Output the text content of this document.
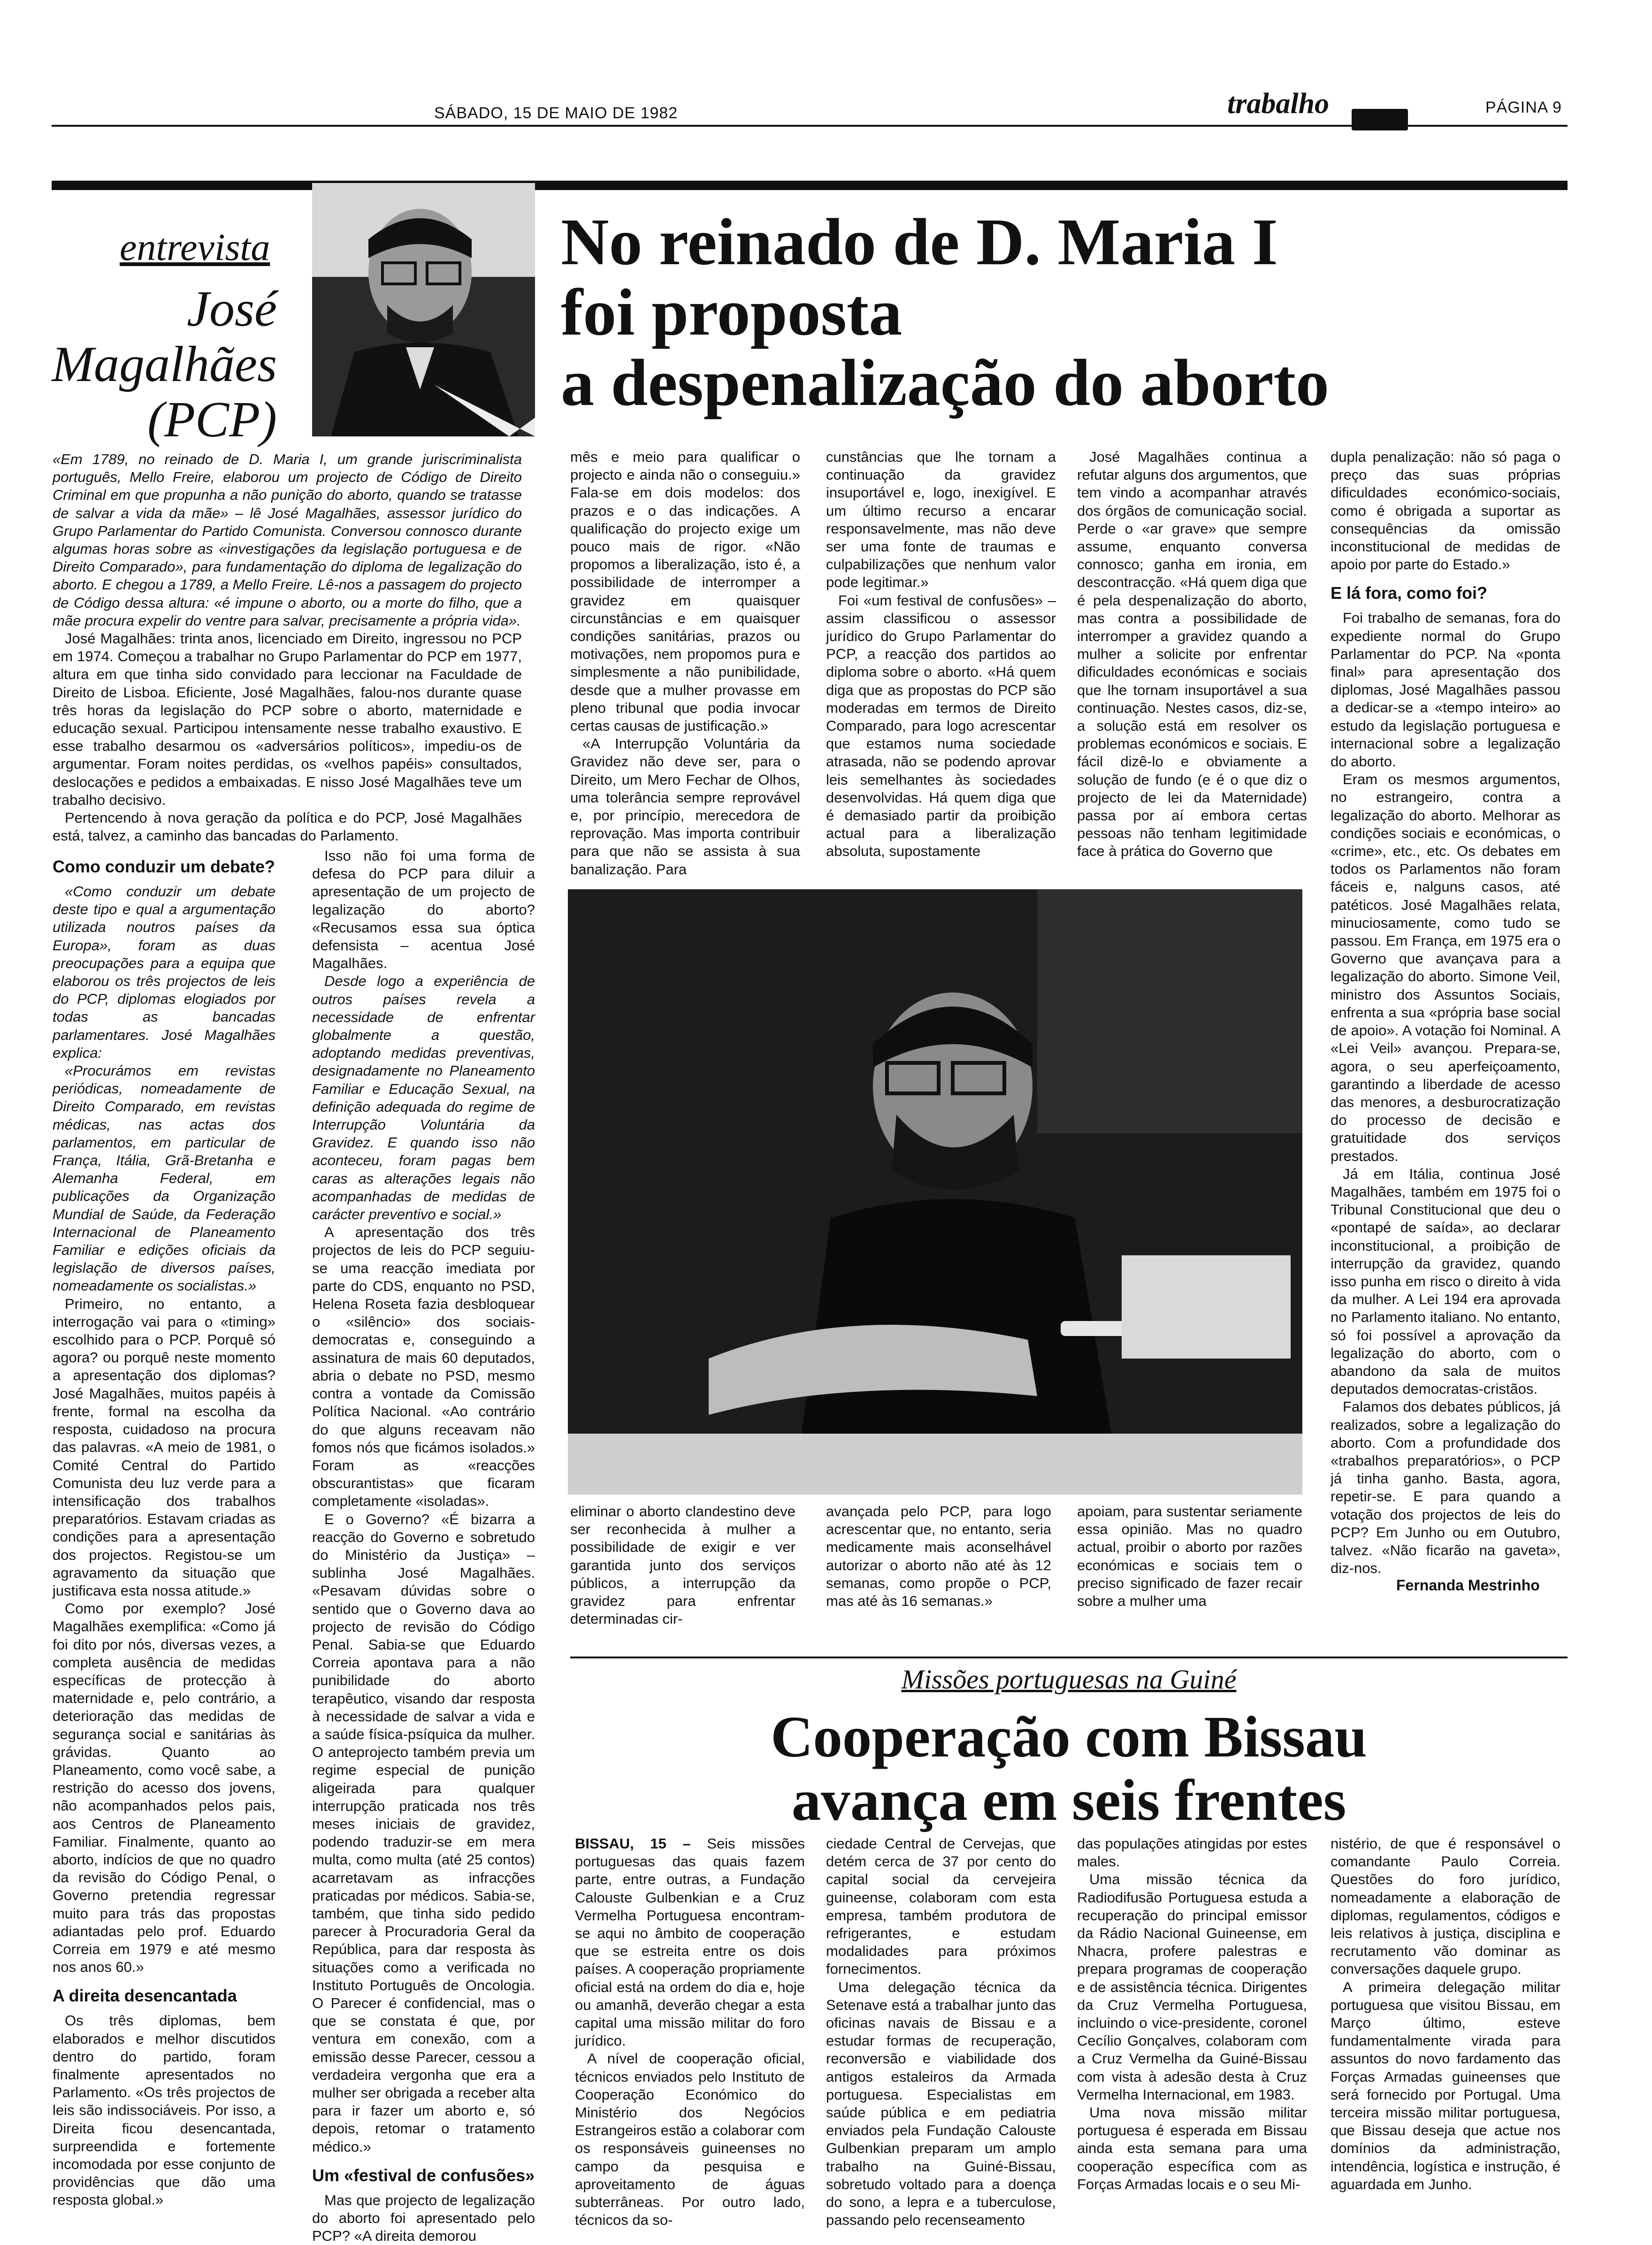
SÁBADO, 15 DE MAIO DE 1982	trabalho	PÁGINA 9
entrevista
José
Magalhães
(PCP)
No reinado de D. Maria I
foi proposta
a despenalização do aborto

«Em 1789, no reinado de D. Maria I, um grande juriscriminalista português, Mello Freire, elaborou um projecto de Código de Direito Criminal em que propunha a não punição do aborto, quando se tratasse de salvar a vida da mãe» – lê José Magalhães, assessor jurídico do Grupo Parlamentar do Partido Comunista. Conversou connosco durante algumas horas sobre as «investigações da legislação portuguesa e de Direito Comparado», para fundamentação do diploma de legalização do aborto. E chegou a 1789, a Mello Freire. Lê-nos a passagem do projecto de Código dessa altura: «é impune o aborto, ou a morte do filho, que a mãe procura expelir do ventre para salvar, precisamente a própria vida».

José Magalhães: trinta anos, licenciado em Direito, ingressou no PCP em 1974. Começou a trabalhar no Grupo Parlamentar do PCP em 1977, altura em que tinha sido convidado para leccionar na Faculdade de Direito de Lisboa. Eficiente, José Magalhães, falou-nos durante quase três horas da legislação do PCP sobre o aborto, maternidade e educação sexual. Participou intensamente nesse trabalho exaustivo. E esse trabalho desarmou os «adversários políticos», impediu-os de argumentar. Foram noites perdidas, os «velhos papéis» consultados, deslocações e pedidos a embaixadas. E nisso José Magalhães teve um trabalho decisivo.

Pertencendo à nova geração da política e do PCP, José Magalhães está, talvez, a caminho das bancadas do Parlamento.

Como conduzir um debate?

«Como conduzir um debate deste tipo e qual a argumentação utilizada noutros países da Europa», foram as duas preocupações para a equipa que elaborou os três projectos de leis do PCP, diplomas elogiados por todas as bancadas parlamentares. José Magalhães explica:

«Procurámos em revistas periódicas, nomeadamente de Direito Comparado, em revistas médicas, nas actas dos parlamentos, em particular de França, Itália, Grã-Bretanha e Alemanha Federal, em publicações da Organização Mundial de Saúde, da Federação Internacional de Planeamento Familiar e edições oficiais da legislação de diversos países, nomeadamente os socialistas.»

Primeiro, no entanto, a interrogação vai para o «timing» escolhido para o PCP. Porquê só agora? ou porquê neste momento a apresentação dos diplomas? José Magalhães, muitos papéis à frente, formal na escolha da resposta, cuidadoso na procura das palavras. «A meio de 1981, o Comité Central do Partido Comunista deu luz verde para a intensificação dos trabalhos preparatórios. Estavam criadas as condições para a apresentação dos projectos. Registou-se um agravamento da situação que justificava esta nossa atitude.»

Como por exemplo? José Magalhães exemplifica: «Como já foi dito por nós, diversas vezes, a completa ausência de medidas específicas de protecção à maternidade e, pelo contrário, a deterioração das medidas de segurança social e sanitárias às grávidas. Quanto ao Planeamento, como você sabe, a restrição do acesso dos jovens, não acompanhados pelos pais, aos Centros de Planeamento Familiar. Finalmente, quanto ao aborto, indícios de que no quadro da revisão do Código Penal, o Governo pretendia regressar muito para trás das propostas adiantadas pelo prof. Eduardo Correia em 1979 e até mesmo nos anos 60.»

A direita desencantada

Os três diplomas, bem elaborados e melhor discutidos dentro do partido, foram finalmente apresentados no Parlamento. «Os três projectos de leis são indissociáveis. Por isso, a Direita ficou desencantada, surpreendida e fortemente incomodada por esse conjunto de providências que dão uma resposta global.»

Isso não foi uma forma de defesa do PCP para diluir a apresentação de um projecto de legalização do aborto? «Recusamos essa sua óptica defensista – acentua José Magalhães.

Desde logo a experiência de outros países revela a necessidade de enfrentar globalmente a questão, adoptando medidas preventivas, designadamente no Planeamento Familiar e Educação Sexual, na definição adequada do regime de Interrupção Voluntária da Gravidez. E quando isso não aconteceu, foram pagas bem caras as alterações legais não acompanhadas de medidas de carácter preventivo e social.»

A apresentação dos três projectos de leis do PCP seguiu-se uma reacção imediata por parte do CDS, enquanto no PSD, Helena Roseta fazia desbloquear o «silêncio» dos sociais-democratas e, conseguindo a assinatura de mais 60 deputados, abria o debate no PSD, mesmo contra a vontade da Comissão Política Nacional. «Ao contrário do que alguns receavam não fomos nós que ficámos isolados.» Foram as «reacções obscurantistas» que ficaram completamente «isoladas».

E o Governo? «É bizarra a reacção do Governo e sobretudo do Ministério da Justiça» – sublinha José Magalhães. «Pesavam dúvidas sobre o sentido que o Governo dava ao projecto de revisão do Código Penal. Sabia-se que Eduardo Correia apontava para a não punibilidade do aborto terapêutico, visando dar resposta à necessidade de salvar a vida e a saúde física-psíquica da mulher. O anteprojecto também previa um regime especial de punição aligeirada para qualquer interrupção praticada nos três meses iniciais de gravidez, podendo traduzir-se em mera multa, como multa (até 25 contos) acarretavam as infracções praticadas por médicos. Sabia-se, também, que tinha sido pedido parecer à Procuradoria Geral da República, para dar resposta às situações como a verificada no Instituto Português de Oncologia. O Parecer é confidencial, mas o que se constata é que, por ventura em conexão, com a emissão desse Parecer, cessou a verdadeira vergonha que era a mulher ser obrigada a receber alta para ir fazer um aborto e, só depois, retomar o tratamento médico.»

Um «festival de confusões»

Mas que projecto de legalização do aborto foi apresentado pelo PCP? «A direita demorou

mês e meio para qualificar o projecto e ainda não o conseguiu.» Fala-se em dois modelos: dos prazos e o das indicações. A qualificação do projecto exige um pouco mais de rigor. «Não propomos a liberalização, isto é, a possibilidade de interromper a gravidez em quaisquer circunstâncias e em quaisquer condições sanitárias, prazos ou motivações, nem propomos pura e simplesmente a não punibilidade, desde que a mulher provasse em pleno tribunal que podia invocar certas causas de justificação.»

«A Interrupção Voluntária da Gravidez não deve ser, para o Direito, um Mero Fechar de Olhos, uma tolerância sempre reprovável e, por princípio, merecedora de reprovação. Mas importa contribuir para que não se assista à sua banalização. Para

cunstâncias que lhe tornam a continuação da gravidez insuportável e, logo, inexigível. E um último recurso a encarar responsavelmente, mas não deve ser uma fonte de traumas e culpabilizações que nenhum valor pode legitimar.»

Foi «um festival de confusões» – assim classificou o assessor jurídico do Grupo Parlamentar do PCP, a reacção dos partidos ao diploma sobre o aborto. «Há quem diga que as propostas do PCP são moderadas em termos de Direito Comparado, para logo acrescentar que estamos numa sociedade atrasada, não se podendo aprovar leis semelhantes às sociedades desenvolvidas. Há quem diga que é demasiado partir da proibição actual para a liberalização absoluta, supostamente

José Magalhães continua a refutar alguns dos argumentos, que tem vindo a acompanhar através dos órgãos de comunicação social. Perde o «ar grave» que sempre assume, enquanto conversa connosco; ganha em ironia, em descontracção. «Há quem diga que é pela despenalização do aborto, mas contra a possibilidade de interromper a gravidez quando a mulher a solicite por enfrentar dificuldades económicas e sociais que lhe tornam insuportável a sua continuação. Nestes casos, diz-se, a solução está em resolver os problemas económicos e sociais. E fácil dizê-lo e obviamente a solução de fundo (e é o que diz o projecto de lei da Maternidade) passa por aí embora certas pessoas não tenham legitimidade face à prática do Governo que

dupla penalização: não só paga o preço das suas próprias dificuldades económico-sociais, como é obrigada a suportar as consequências da omissão inconstitucional de medidas de apoio por parte do Estado.»

E lá fora, como foi?

Foi trabalho de semanas, fora do expediente normal do Grupo Parlamentar do PCP. Na «ponta final» para apresentação dos diplomas, José Magalhães passou a dedicar-se a «tempo inteiro» ao estudo da legislação portuguesa e internacional sobre a legalização do aborto.

Eram os mesmos argumentos, no estrangeiro, contra a legalização do aborto. Melhorar as condições sociais e económicas, o «crime», etc., etc. Os debates em todos os Parlamentos não foram fáceis e, nalguns casos, até patéticos. José Magalhães relata, minuciosamente, como tudo se passou. Em França, em 1975 era o Governo que avançava para a legalização do aborto. Simone Veil, ministro dos Assuntos Sociais, enfrenta a sua «própria base social de apoio». A votação foi Nominal. A «Lei Veil» avançou. Prepara-se, agora, o seu aperfeiçoamento, garantindo a liberdade de acesso das menores, a desburocratização do processo de decisão e gratuitidade dos serviços prestados.

Já em Itália, continua José Magalhães, também em 1975 foi o Tribunal Constitucional que deu o «pontapé de saída», ao declarar inconstitucional, a proibição de interrupção da gravidez, quando isso punha em risco o direito à vida da mulher. A Lei 194 era aprovada no Parlamento italiano. No entanto, só foi possível a aprovação da legalização do aborto, com o abandono da sala de muitos deputados democratas-cristãos.

Falamos dos debates públicos, já realizados, sobre a legalização do aborto. Com a profundidade dos «trabalhos preparatórios», o PCP já tinha ganho. Basta, agora, repetir-se. E para quando a votação dos projectos de leis do PCP? Em Junho ou em Outubro, talvez. «Não ficarão na gaveta», diz-nos.

Fernanda Mestrinho

eliminar o aborto clandestino deve ser reconhecida à mulher a possibilidade de exigir e ver garantida junto dos serviços públicos, a interrupção da gravidez para enfrentar determinadas cir-

avançada pelo PCP, para logo acrescentar que, no entanto, seria medicamente mais aconselhável autorizar o aborto não até às 12 semanas, como propõe o PCP, mas até às 16 semanas.»

apoiam, para sustentar seriamente essa opinião. Mas no quadro actual, proibir o aborto por razões económicas e sociais tem o preciso significado de fazer recair sobre a mulher uma

Missões portuguesas na Guiné
Cooperação com Bissau
avança em seis frentes

BISSAU, 15 – Seis missões portuguesas das quais fazem parte, entre outras, a Fundação Calouste Gulbenkian e a Cruz Vermelha Portuguesa encontram-se aqui no âmbito de cooperação que se estreita entre os dois países. A cooperação propriamente oficial está na ordem do dia e, hoje ou amanhã, deverão chegar a esta capital uma missão militar do foro jurídico.

A nível de cooperação oficial, técnicos enviados pelo Instituto de Cooperação Económico do Ministério dos Negócios Estrangeiros estão a colaborar com os responsáveis guineenses no campo da pesquisa e aproveitamento de águas subterrâneas. Por outro lado, técnicos da so-

ciedade Central de Cervejas, que detém cerca de 37 por cento do capital social da cervejeira guineense, colaboram com esta empresa, também produtora de refrigerantes, e estudam modalidades para próximos fornecimentos.

Uma delegação técnica da Setenave está a trabalhar junto das oficinas navais de Bissau e a estudar formas de recuperação, reconversão e viabilidade dos antigos estaleiros da Armada portuguesa. Especialistas em saúde pública e em pediatria enviados pela Fundação Calouste Gulbenkian preparam um amplo trabalho na Guiné-Bissau, sobretudo voltado para a doença do sono, a lepra e a tuberculose, passando pelo recenseamento

das populações atingidas por estes males.

Uma missão técnica da Radiodifusão Portuguesa estuda a recuperação do principal emissor da Rádio Nacional Guineense, em Nhacra, profere palestras e prepara programas de cooperação e de assistência técnica. Dirigentes da Cruz Vermelha Portuguesa, incluindo o vice-presidente, coronel Cecílio Gonçalves, colaboram com a Cruz Vermelha da Guiné-Bissau com vista à adesão desta à Cruz Vermelha Internacional, em 1983.

Uma nova missão militar portuguesa é esperada em Bissau ainda esta semana para uma cooperação específica com as Forças Armadas locais e o seu Mi-

nistério, de que é responsável o comandante Paulo Correia. Questões do foro jurídico, nomeadamente a elaboração de diplomas, regulamentos, códigos e leis relativos à justiça, disciplina e recrutamento vão dominar as conversações daquele grupo.

A primeira delegação militar portuguesa que visitou Bissau, em Março último, esteve fundamentalmente virada para assuntos do novo fardamento das Forças Armadas guineenses que será fornecido por Portugal. Uma terceira missão militar portuguesa, que Bissau deseja que actue nos domínios da administração, intendência, logística e instrução, é aguardada em Junho.
